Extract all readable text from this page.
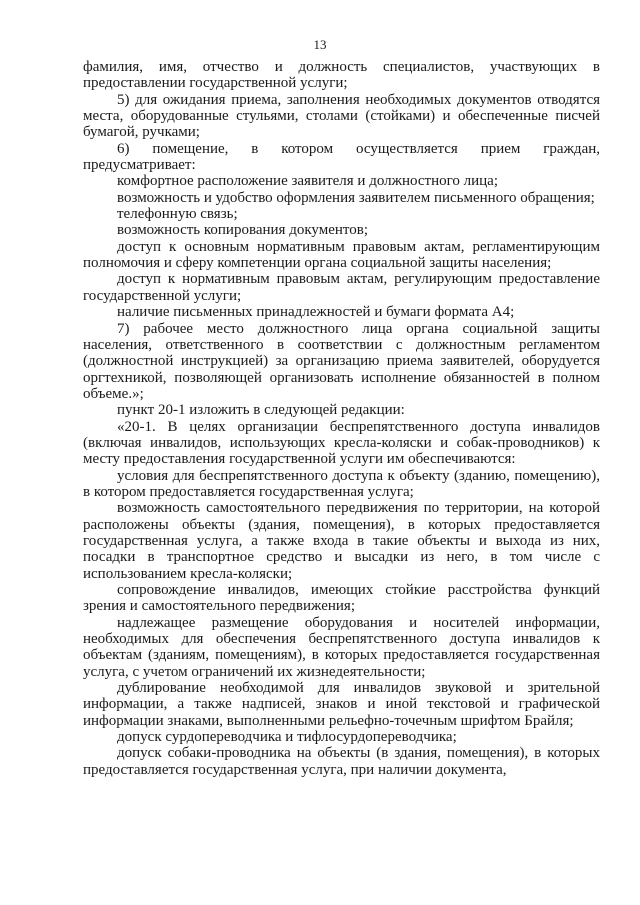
13

фамилия, имя, отчество и должность специалистов, участвующих в предоставлении государственной услуги;

5) для ожидания приема, заполнения необходимых документов отводятся места, оборудованные стульями, столами (стойками) и обеспеченные писчей бумагой, ручками;

6) помещение, в котором осуществляется прием граждан, предусматривает:

комфортное расположение заявителя и должностного лица;

возможность и удобство оформления заявителем письменного обращения;

телефонную связь;

возможность копирования документов;

доступ к основным нормативным правовым актам, регламентирующим полномочия и сферу компетенции органа социальной защиты населения;

доступ к нормативным правовым актам, регулирующим предоставление государственной услуги;

наличие письменных принадлежностей и бумаги формата А4;

7) рабочее место должностного лица органа социальной защиты населения, ответственного в соответствии с должностным регламентом (должностной инструкцией) за организацию приема заявителей, оборудуется оргтехникой, позволяющей организовать исполнение обязанностей в полном объеме.»;

пункт 20-1 изложить в следующей редакции:

«20-1. В целях организации беспрепятственного доступа инвалидов (включая инвалидов, использующих кресла-коляски и собак-проводников) к месту предоставления государственной услуги им обеспечиваются:

условия для беспрепятственного доступа к объекту (зданию, помещению), в котором предоставляется государственная услуга;

возможность самостоятельного передвижения по территории, на которой расположены объекты (здания, помещения), в которых предоставляется государственная услуга, а также входа в такие объекты и выхода из них, посадки в транспортное средство и высадки из него, в том числе с использованием кресла-коляски;

сопровождение инвалидов, имеющих стойкие расстройства функций зрения и самостоятельного передвижения;

надлежащее размещение оборудования и носителей информации, необходимых для обеспечения беспрепятственного доступа инвалидов к объектам (зданиям, помещениям), в которых предоставляется государственная услуга, с учетом ограничений их жизнедеятельности;

дублирование необходимой для инвалидов звуковой и зрительной информации, а также надписей, знаков и иной текстовой и графической информации знаками, выполненными рельефно-точечным шрифтом Брайля;

допуск сурдопереводчика и тифлосурдопереводчика;

допуск собаки-проводника на объекты (в здания, помещения), в которых предоставляется государственная услуга, при наличии документа,
